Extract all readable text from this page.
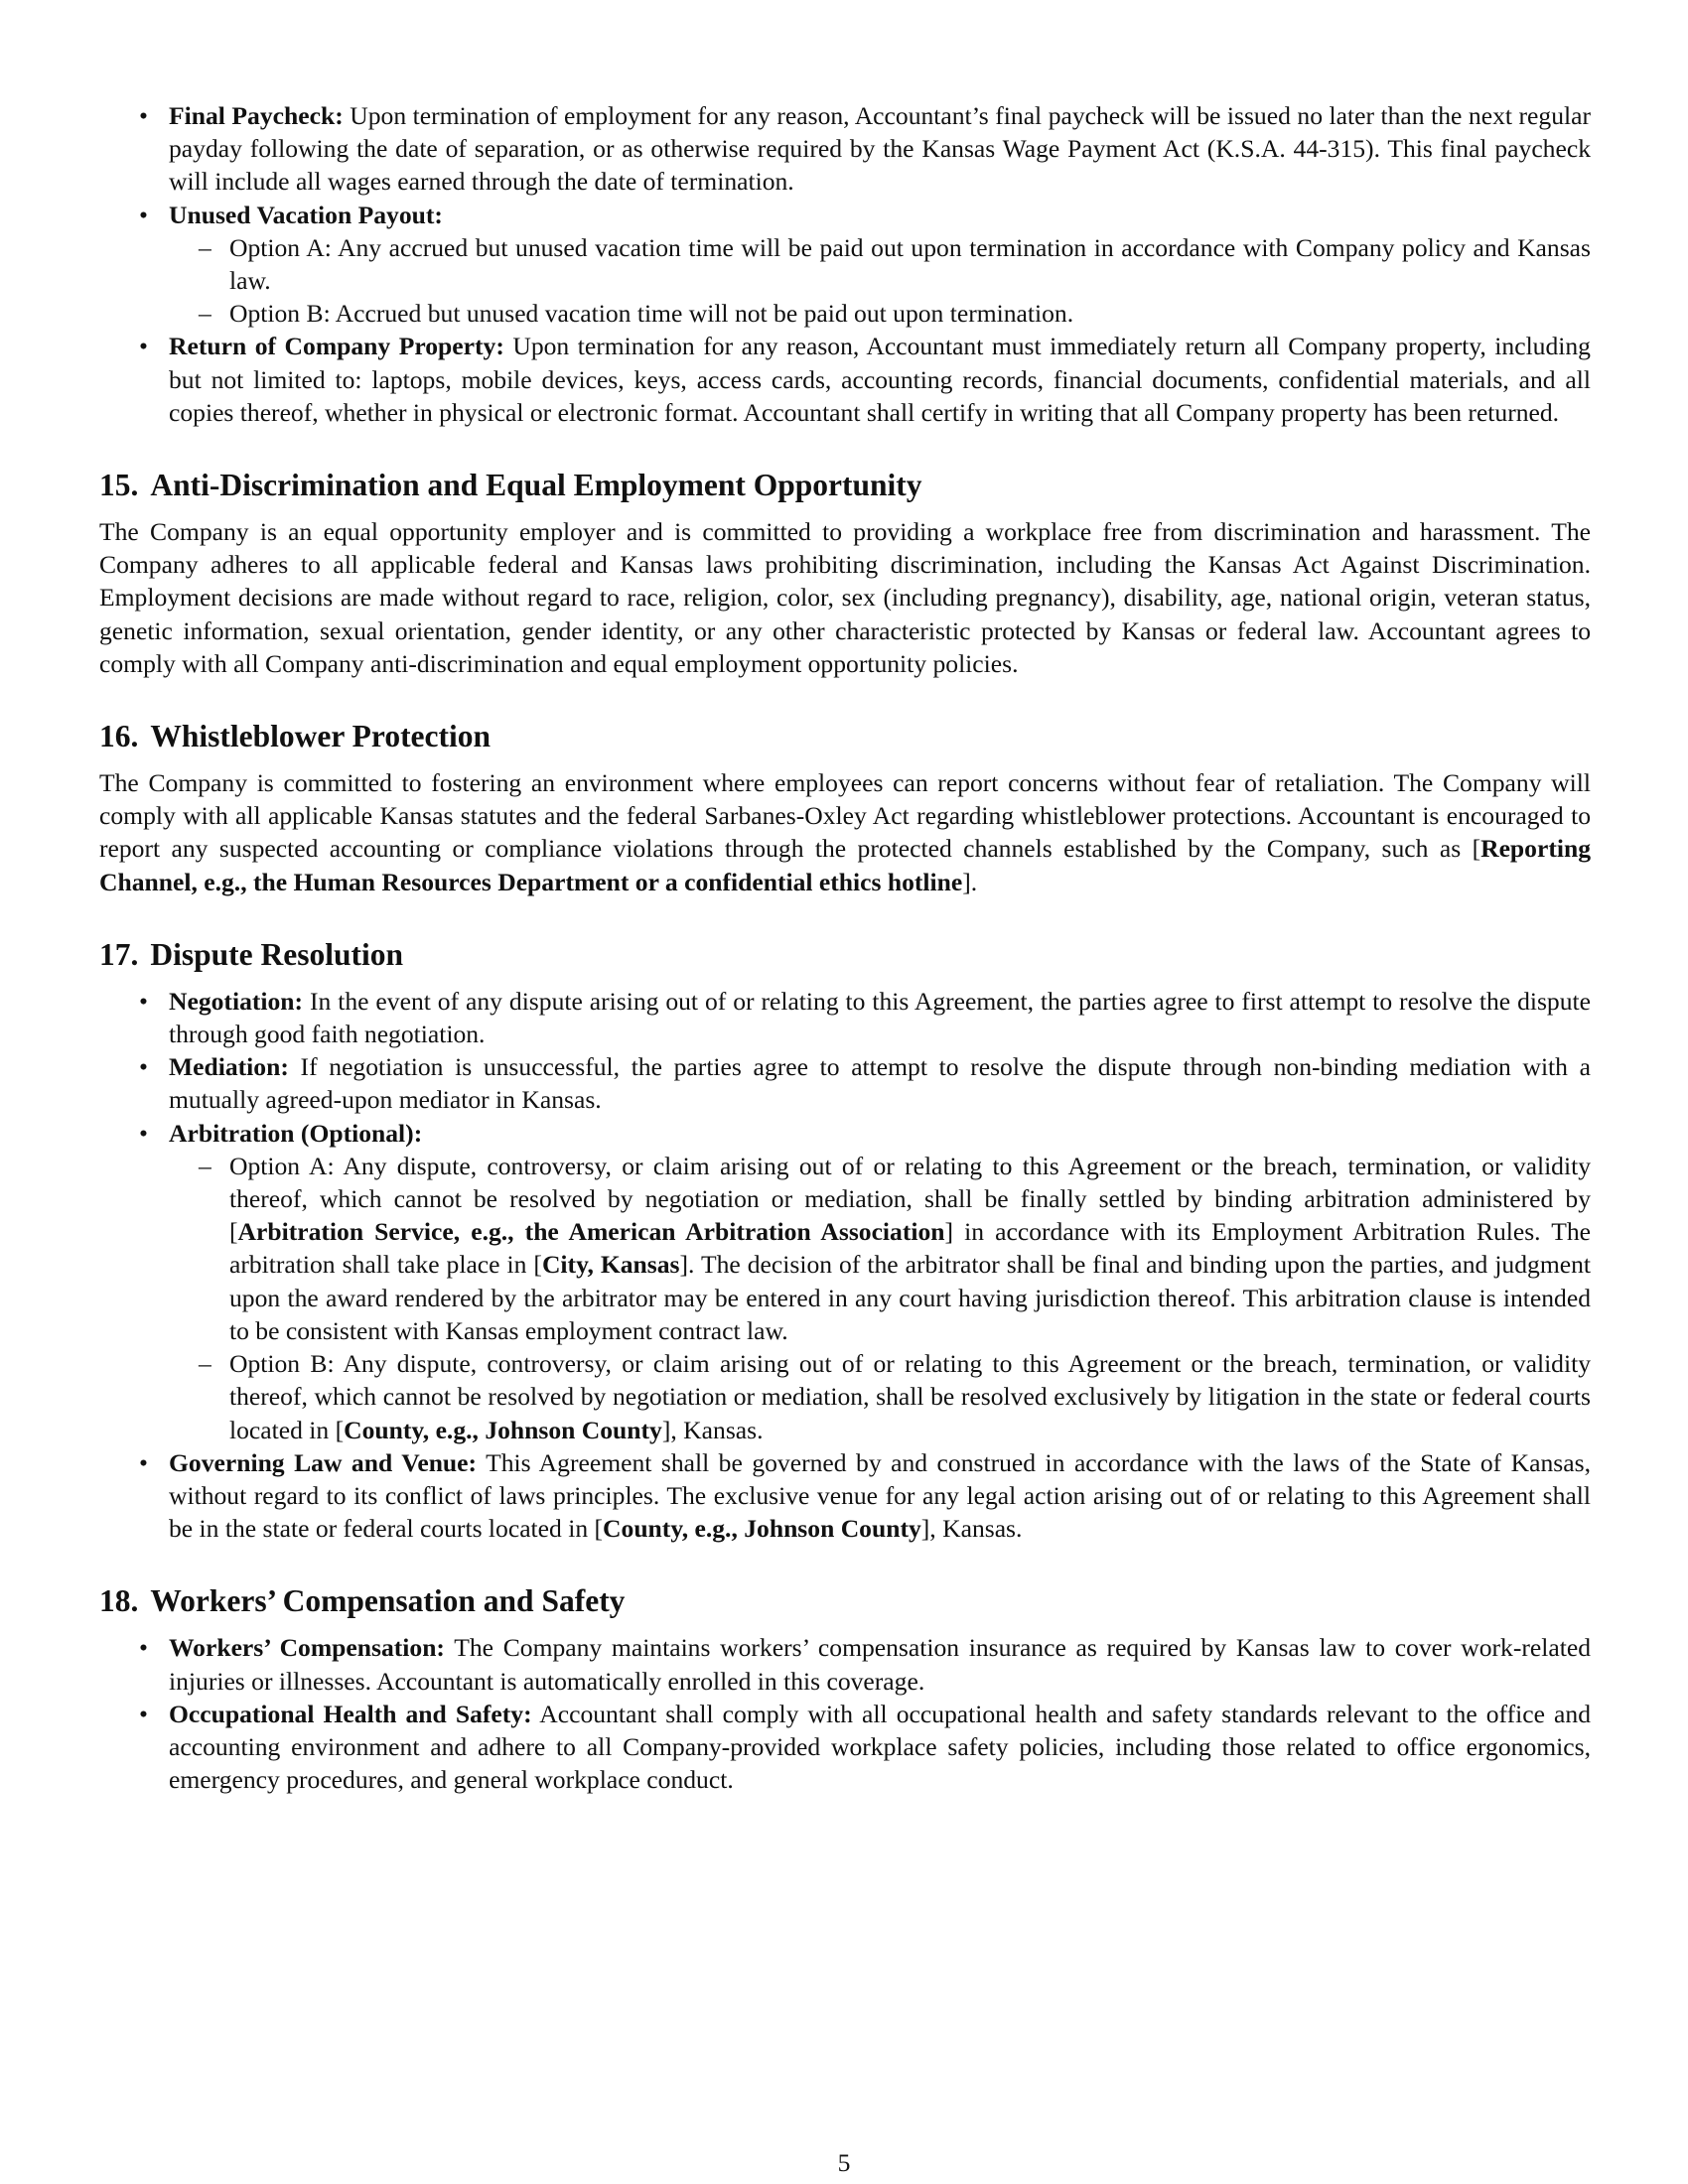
• Final Paycheck: Upon termination of employment for any reason, Accountant’s final paycheck will be issued no later than the next regular payday following the date of separation, or as otherwise required by the Kansas Wage Payment Act (K.S.A. 44-315). This final paycheck will include all wages earned through the date of termination.
• Unused Vacation Payout:
– Option A: Any accrued but unused vacation time will be paid out upon termination in accordance with Company policy and Kansas law.
– Option B: Accrued but unused vacation time will not be paid out upon termination.
• Return of Company Property: Upon termination for any reason, Accountant must immediately return all Company property, including but not limited to: laptops, mobile devices, keys, access cards, accounting records, financial documents, confidential materials, and all copies thereof, whether in physical or electronic format. Accountant shall certify in writing that all Company property has been returned.
15. Anti-Discrimination and Equal Employment Opportunity

The Company is an equal opportunity employer and is committed to providing a workplace free from discrimination and harassment. The Company adheres to all applicable federal and Kansas laws prohibiting discrimination, including the Kansas Act Against Discrimination. Employment decisions are made without regard to race, religion, color, sex (including pregnancy), disability, age, national origin, veteran status, genetic information, sexual orientation, gender identity, or any other characteristic protected by Kansas or federal law. Accountant agrees to comply with all Company anti-discrimination and equal employment opportunity policies.

16. Whistleblower Protection

The Company is committed to fostering an environment where employees can report concerns without fear of retaliation. The Company will comply with all applicable Kansas statutes and the federal Sarbanes-Oxley Act regarding whistleblower protections. Accountant is encouraged to report any suspected accounting or compliance violations through the protected channels established by the Company, such as [Reporting Channel, e.g., the Human Resources Department or a confidential ethics hotline].

17. Dispute Resolution
• Negotiation: In the event of any dispute arising out of or relating to this Agreement, the parties agree to first attempt to resolve the dispute through good faith negotiation.
• Mediation: If negotiation is unsuccessful, the parties agree to attempt to resolve the dispute through non-binding mediation with a mutually agreed-upon mediator in Kansas.
• Arbitration (Optional):
– Option A: Any dispute, controversy, or claim arising out of or relating to this Agreement or the breach, termination, or validity thereof, which cannot be resolved by negotiation or mediation, shall be finally settled by binding arbitration administered by [Arbitration Service, e.g., the American Arbitration Association] in accordance with its Employment Arbitration Rules. The arbitration shall take place in [City, Kansas]. The decision of the arbitrator shall be final and binding upon the parties, and judgment upon the award rendered by the arbitrator may be entered in any court having jurisdiction thereof. This arbitration clause is intended to be consistent with Kansas employment contract law.
– Option B: Any dispute, controversy, or claim arising out of or relating to this Agreement or the breach, termination, or validity thereof, which cannot be resolved by negotiation or mediation, shall be resolved exclusively by litigation in the state or federal courts located in [County, e.g., Johnson County], Kansas.
• Governing Law and Venue: This Agreement shall be governed by and construed in accordance with the laws of the State of Kansas, without regard to its conflict of laws principles. The exclusive venue for any legal action arising out of or relating to this Agreement shall be in the state or federal courts located in [County, e.g., Johnson County], Kansas.
18. Workers’ Compensation and Safety
• Workers’ Compensation: The Company maintains workers’ compensation insurance as required by Kansas law to cover work-related injuries or illnesses. Accountant is automatically enrolled in this coverage.
• Occupational Health and Safety: Accountant shall comply with all occupational health and safety standards relevant to the office and accounting environment and adhere to all Company-provided workplace safety policies, including those related to office ergonomics, emergency procedures, and general workplace conduct.
5
